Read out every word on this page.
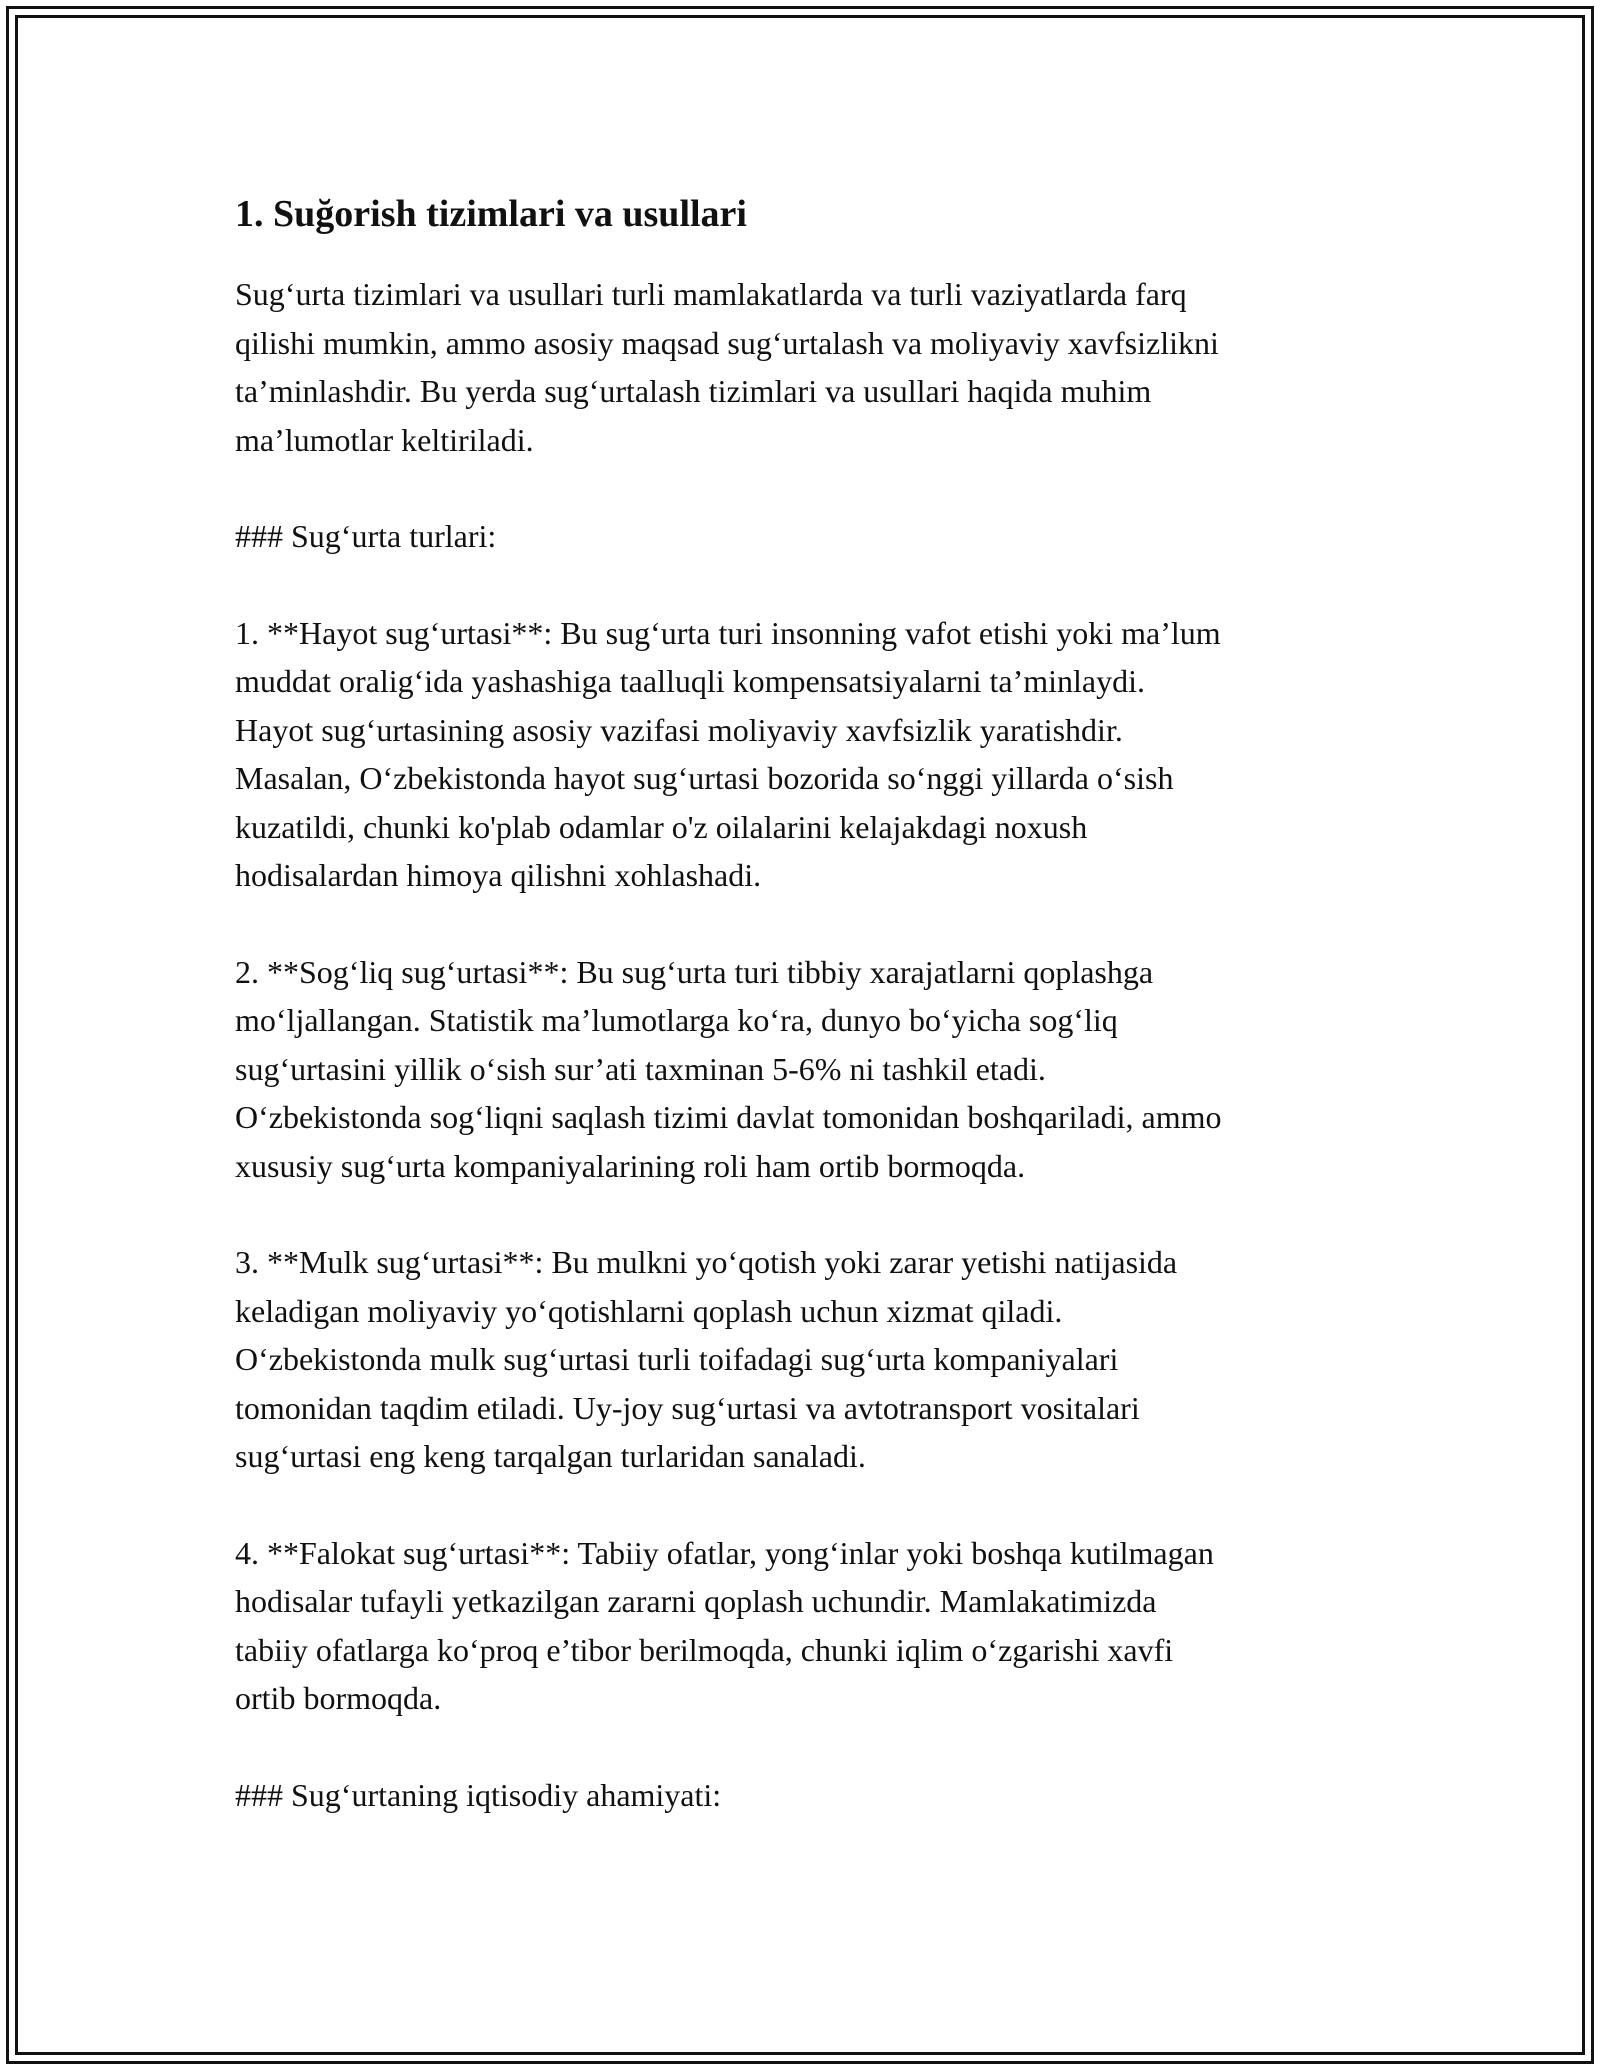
1. Suğorish tizimlari va usullari

Sug‘urta tizimlari va usullari turli mamlakatlarda va turli vaziyatlarda farq
qilishi mumkin, ammo asosiy maqsad sug‘urtalash va moliyaviy xavfsizlikni
ta’minlashdir. Bu yerda sug‘urtalash tizimlari va usullari haqida muhim
ma’lumotlar keltiriladi.

### Sug‘urta turlari:

1. **Hayot sug‘urtasi**: Bu sug‘urta turi insonning vafot etishi yoki ma’lum
muddat oralig‘ida yashashiga taalluqli kompensatsiyalarni ta’minlaydi.
Hayot sug‘urtasining asosiy vazifasi moliyaviy xavfsizlik yaratishdir.
Masalan, O‘zbekistonda hayot sug‘urtasi bozorida so‘nggi yillarda o‘sish
kuzatildi, chunki ko'plab odamlar o'z oilalarini kelajakdagi noxush
hodisalardan himoya qilishni xohlashadi.

2. **Sog‘liq sug‘urtasi**: Bu sug‘urta turi tibbiy xarajatlarni qoplashga
mo‘ljallangan. Statistik ma’lumotlarga ko‘ra, dunyo bo‘yicha sog‘liq
sug‘urtasini yillik o‘sish sur’ati taxminan 5-6% ni tashkil etadi.
O‘zbekistonda sog‘liqni saqlash tizimi davlat tomonidan boshqariladi, ammo
xususiy sug‘urta kompaniyalarining roli ham ortib bormoqda.

3. **Mulk sug‘urtasi**: Bu mulkni yo‘qotish yoki zarar yetishi natijasida
keladigan moliyaviy yo‘qotishlarni qoplash uchun xizmat qiladi.
O‘zbekistonda mulk sug‘urtasi turli toifadagi sug‘urta kompaniyalari
tomonidan taqdim etiladi. Uy-joy sug‘urtasi va avtotransport vositalari
sug‘urtasi eng keng tarqalgan turlaridan sanaladi.

4. **Falokat sug‘urtasi**: Tabiiy ofatlar, yong‘inlar yoki boshqa kutilmagan
hodisalar tufayli yetkazilgan zararni qoplash uchundir. Mamlakatimizda
tabiiy ofatlarga ko‘proq e’tibor berilmoqda, chunki iqlim o‘zgarishi xavfi
ortib bormoqda.

### Sug‘urtaning iqtisodiy ahamiyati:
